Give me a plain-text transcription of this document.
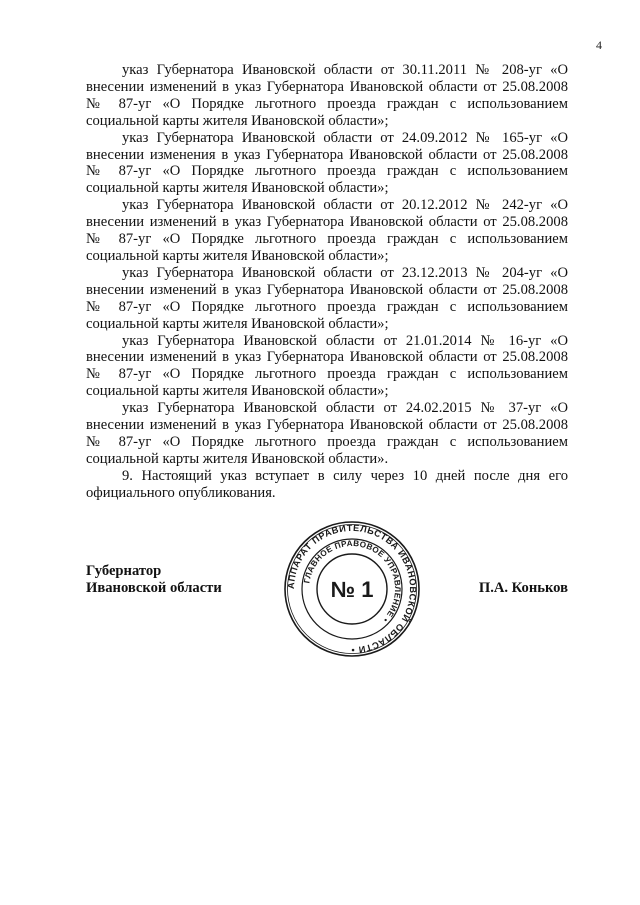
4

указ Губернатора Ивановской области от 30.11.2011 № 208-уг «О внесении изменений в указ Губернатора Ивановской области от 25.08.2008 № 87-уг «О Порядке льготного проезда граждан с использованием социальной карты жителя Ивановской области»;

указ Губернатора Ивановской области от 24.09.2012 № 165-уг «О внесении изменения в указ Губернатора Ивановской области от 25.08.2008 № 87-уг «О Порядке льготного проезда граждан с использованием социальной карты жителя Ивановской области»;

указ Губернатора Ивановской области от 20.12.2012 № 242-уг «О внесении изменений в указ Губернатора Ивановской области от 25.08.2008 № 87-уг «О Порядке льготного проезда граждан с использованием социальной карты жителя Ивановской области»;

указ Губернатора Ивановской области от 23.12.2013 № 204-уг «О внесении изменений в указ Губернатора Ивановской области от 25.08.2008 № 87-уг «О Порядке льготного проезда граждан с использованием социальной карты жителя Ивановской области»;

указ Губернатора Ивановской области от 21.01.2014 № 16-уг «О внесении изменений в указ Губернатора Ивановской области от 25.08.2008 № 87-уг «О Порядке льготного проезда граждан с использованием социальной карты жителя Ивановской области»;

указ Губернатора Ивановской области от 24.02.2015 № 37-уг «О внесении изменений в указ Губернатора Ивановской области от 25.08.2008 № 87-уг «О Порядке льготного проезда граждан с использованием социальной карты жителя Ивановской области».

9. Настоящий указ вступает в силу через 10 дней после дня его официального опубликования.

Губернатор
Ивановской области	П.А. Коньков
АППАРАТ ПРАВИТЕЛЬСТВА ИВАНОВСКОЙ ОБЛАСТИ •
ГЛАВНОЕ ПРАВОВОЕ УПРАВЛЕНИЕ •
№ 1
